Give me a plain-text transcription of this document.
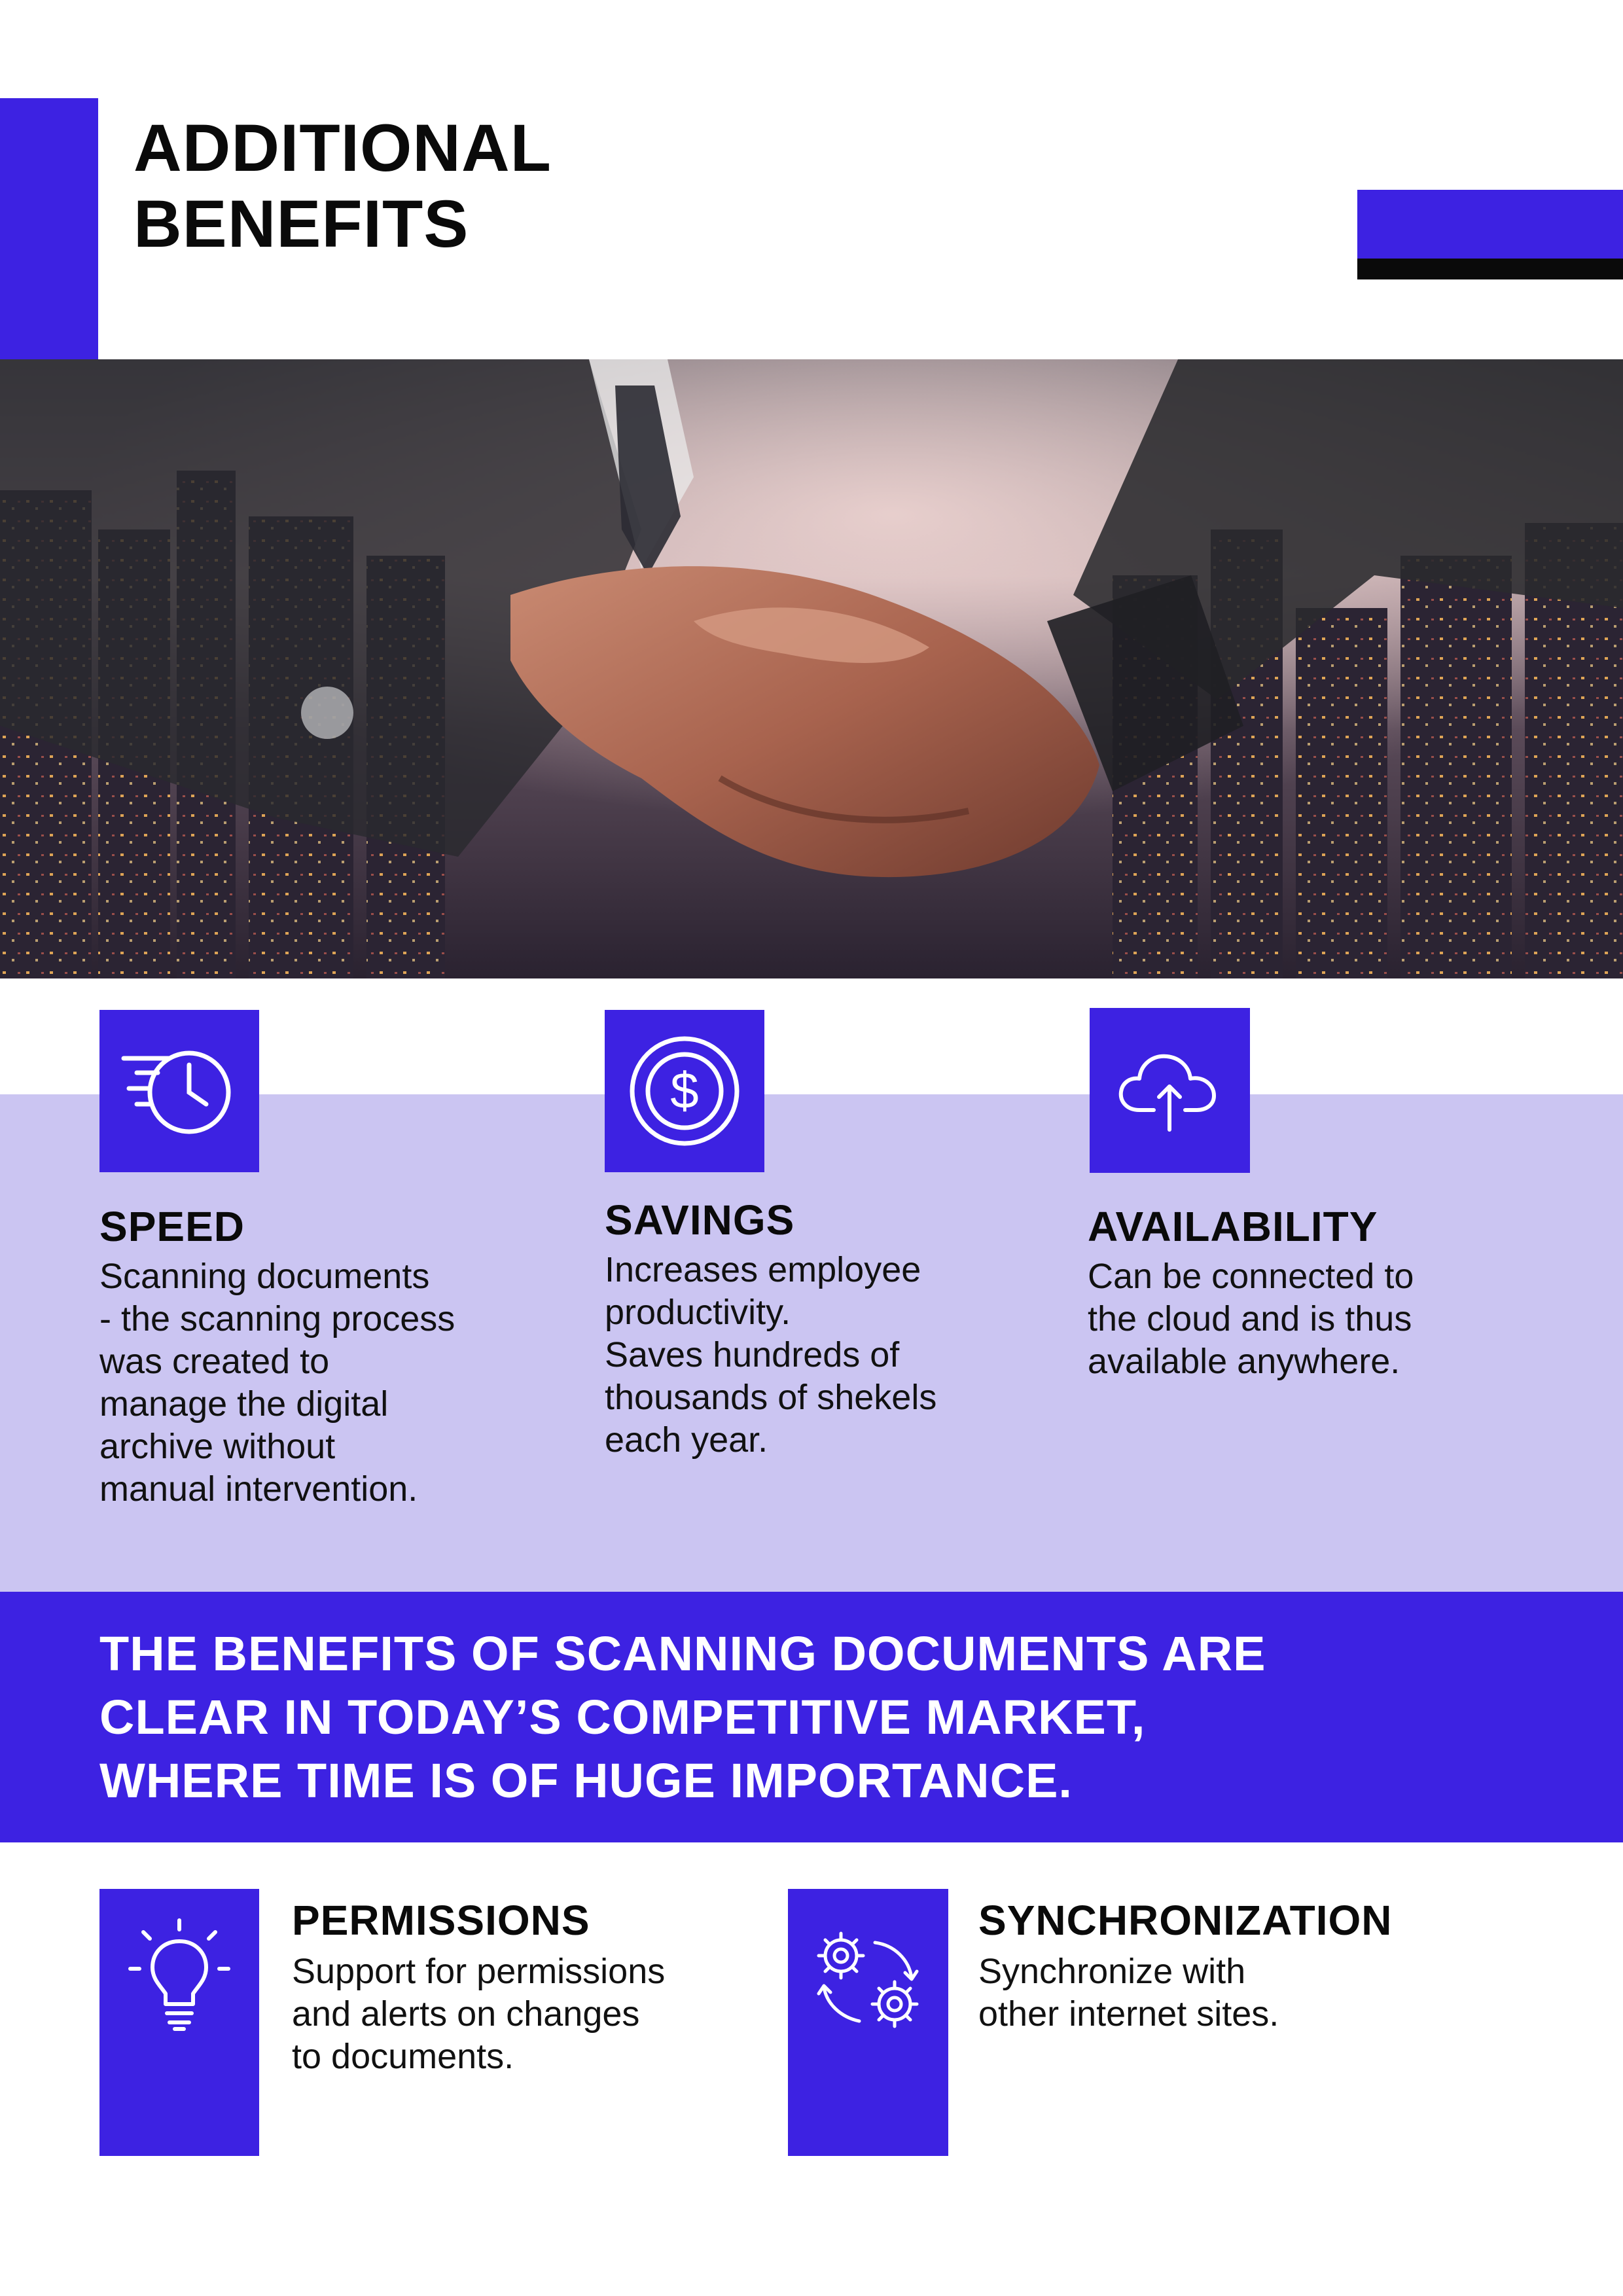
ADDITIONAL
BENEFITS
SPEED

Scanning documents
- the scanning process
was created to
manage the digital
archive without
manual intervention.

$
SAVINGS

Increases employee
productivity.
Saves hundreds of
thousands of shekels
each year.

AVAILABILITY

Can be connected to
the cloud and is thus
available anywhere.

THE BENEFITS OF SCANNING DOCUMENTS ARE
CLEAR IN TODAY’S COMPETITIVE MARKET,
WHERE TIME IS OF HUGE IMPORTANCE.

PERMISSIONS

Support for permissions
and alerts on changes
to documents.

SYNCHRONIZATION

Synchronize with
other internet sites.
